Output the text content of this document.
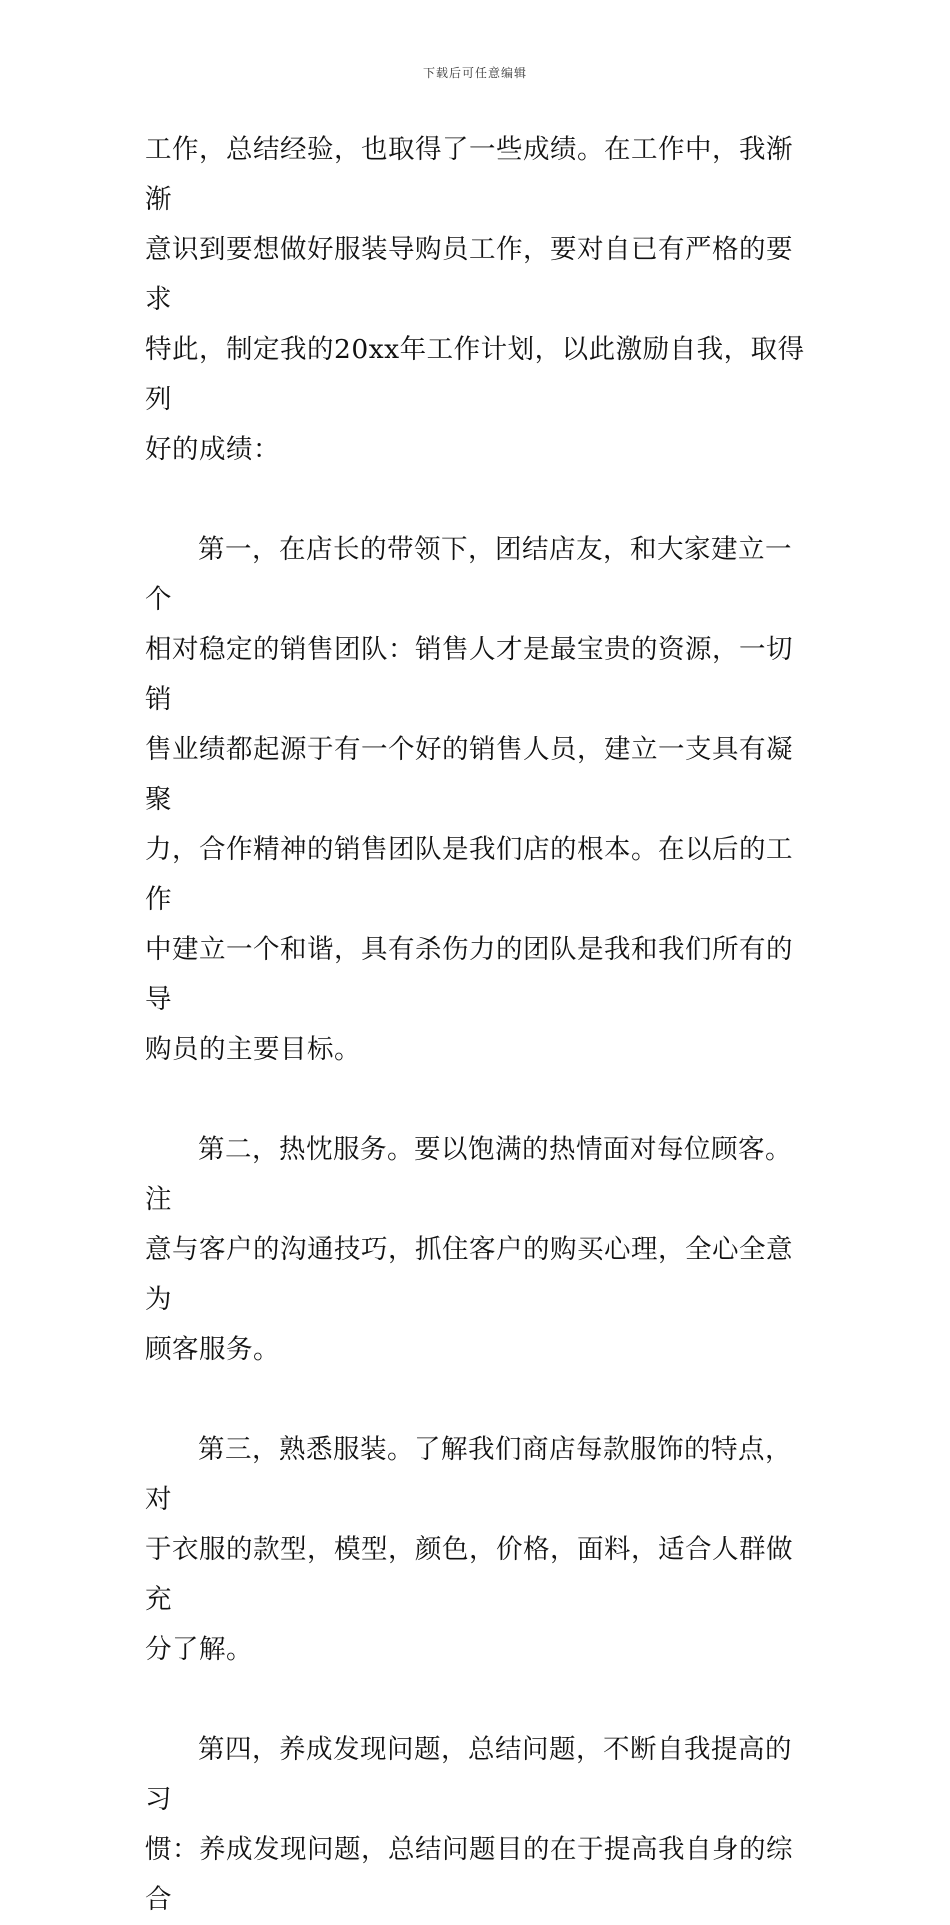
下载后可任意编辑
工作，总结经验，也取得了一些成绩。在工作中，我渐渐
意识到要想做好服装导购员工作，要对自已有严格的要求
特此，制定我的20xx年工作计划，以此激励自我，取得列
好的成绩：
第一，在店长的带领下，团结店友，和大家建立一个
相对稳定的销售团队：销售人才是最宝贵的资源，一切销
售业绩都起源于有一个好的销售人员，建立一支具有凝聚
力，合作精神的销售团队是我们店的根本。在以后的工作
中建立一个和谐，具有杀伤力的团队是我和我们所有的导
购员的主要目标。
第二，热忱服务。要以饱满的热情面对每位顾客。注
意与客户的沟通技巧，抓住客户的购买心理，全心全意为
顾客服务。
第三，熟悉服装。了解我们商店每款服饰的特点，对
于衣服的款型，模型，颜色，价格，面料，适合人群做充
分了解。
第四，养成发现问题，总结问题，不断自我提高的习
惯：养成发现问题，总结问题目的在于提高我自身的综合
